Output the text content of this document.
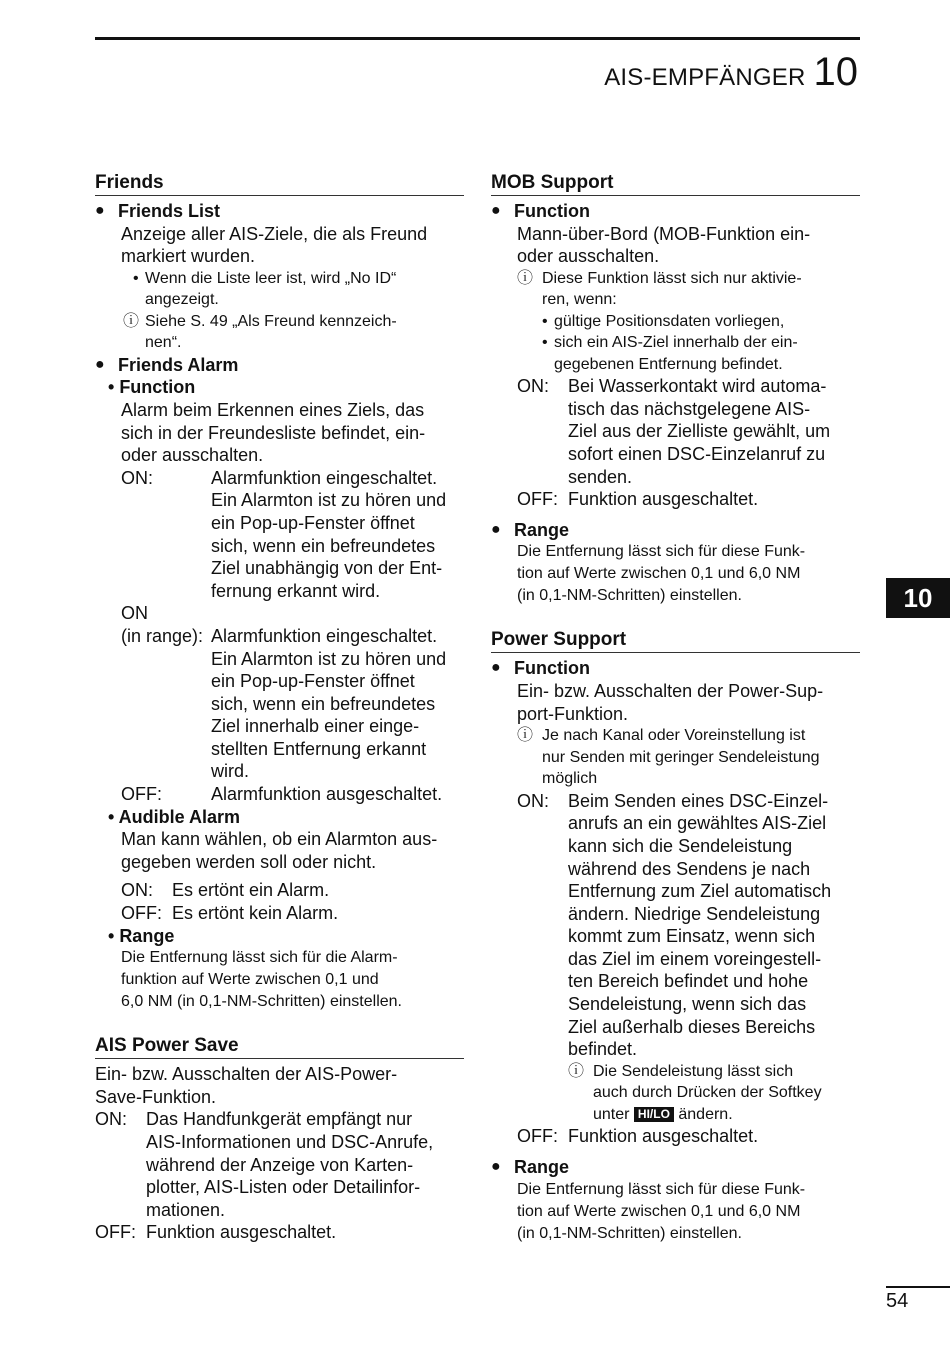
AIS-EMPFÄNGER 10
10
Friends
● Friends List
Anzeige aller AIS-Ziele, die als Freund
markiert wurden.
• Wenn die Liste leer ist, wird „No ID“
angezeigt.
ⓘ Siehe S. 49 „Als Freund kennzeich-
nen“.
● Friends Alarm
• Function
Alarm beim Erkennen eines Ziels, das
sich in der Freundesliste befindet, ein-
oder ausschalten.
ON:	Alarmfunktion eingeschaltet.
Ein Alarmton ist zu hören und
ein Pop-up-Fenster öffnet
sich, wenn ein befreundetes
Ziel unabhängig von der Ent-
fernung erkannt wird.
ON
(in range): Alarmfunktion eingeschaltet.
Ein Alarmton ist zu hören und
ein Pop-up-Fenster öffnet
sich, wenn ein befreundetes
Ziel innerhalb einer einge-
stellten Entfernung erkannt
wird.
OFF:	Alarmfunktion ausgeschaltet.
• Audible Alarm
Man kann wählen, ob ein Alarmton aus-
gegeben werden soll oder nicht.
ON:	Es ertönt ein Alarm.
OFF: Es ertönt kein Alarm.
• Range
Die Entfernung lässt sich für die Alarm-
funktion auf Werte zwischen 0,1 und
6,0 NM (in 0,1-NM-Schritten) einstellen.
AIS Power Save
Ein- bzw. Ausschalten der AIS-Power-
Save-Funktion.
ON:	Das Handfunkgerät empfängt nur
AIS-Informationen und DSC-Anrufe,
während der Anzeige von Karten-
plotter, AIS-Listen oder Detailinfor-
mationen.
OFF: Funktion ausgeschaltet.
MOB Support
● Function
Mann-über-Bord (MOB-Funktion ein-
oder ausschalten.
ⓘ Diese Funktion lässt sich nur aktivie-
ren, wenn:
• gültige Positionsdaten vorliegen,
• sich ein AIS-Ziel innerhalb der ein-
gegebenen Entfernung befindet.
ON:	Bei Wasserkontakt wird automa-
tisch das nächstgelegene AIS-
Ziel aus der Zielliste gewählt, um
sofort einen DSC-Einzelanruf zu
senden.
OFF: Funktion ausgeschaltet.
● Range
Die Entfernung lässt sich für diese Funk-
tion auf Werte zwischen 0,1 und 6,0 NM
(in 0,1-NM-Schritten) einstellen.
Power Support
● Function
Ein- bzw. Ausschalten der Power-Sup-
port-Funktion.
ⓘ Je nach Kanal oder Voreinstellung ist
nur Senden mit geringer Sendeleistung
möglich
ON:	Beim Senden eines DSC-Einzel-
anrufs an ein gewähltes AIS-Ziel
kann sich die Sendeleistung
während des Sendens je nach
Entfernung zum Ziel automatisch
ändern. Niedrige Sendeleistung
kommt zum Einsatz, wenn sich
das Ziel im einem voreingestell-
ten Bereich befindet und hohe
Sendeleistung, wenn sich das
Ziel außerhalb dieses Bereichs
befindet.
ⓘ Die Sendeleistung lässt sich
auch durch Drücken der Softkey
unter HI/LO ändern.
OFF: Funktion ausgeschaltet.
● Range
Die Entfernung lässt sich für diese Funk-
tion auf Werte zwischen 0,1 und 6,0 NM
(in 0,1-NM-Schritten) einstellen.
54
